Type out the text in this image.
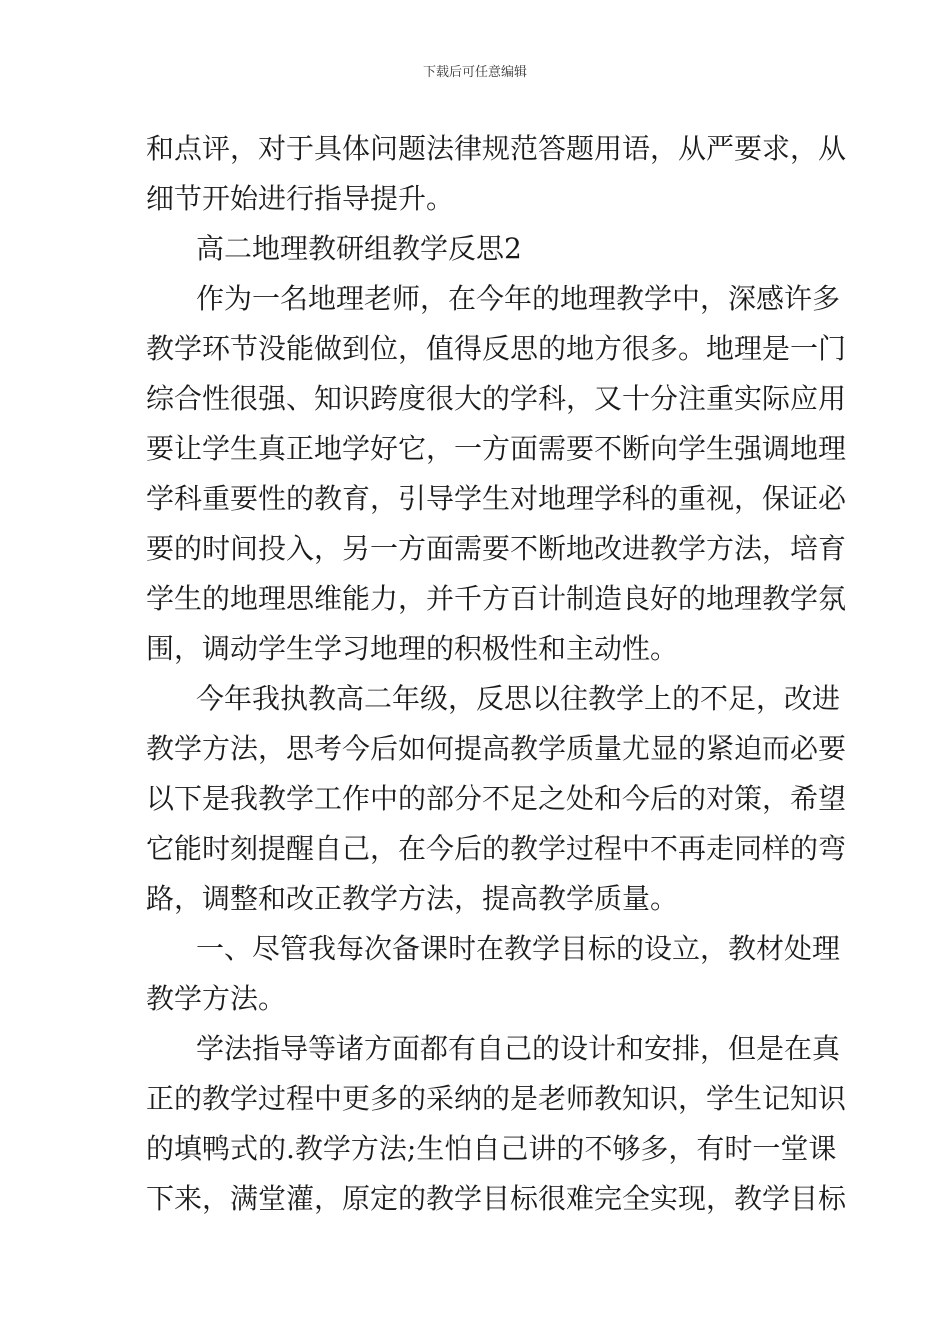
下载后可任意编辑
和点评，对于具体问题法律规范答题用语，从严要求，从
细节开始进行指导提升。
高二地理教研组教学反思2
作为一名地理老师，在今年的地理教学中，深感许多
教学环节没能做到位，值得反思的地方很多。地理是一门
综合性很强、知识跨度很大的学科，又十分注重实际应用
要让学生真正地学好它，一方面需要不断向学生强调地理
学科重要性的教育，引导学生对地理学科的重视，保证必
要的时间投入，另一方面需要不断地改进教学方法，培育
学生的地理思维能力，并千方百计制造良好的地理教学氛
围，调动学生学习地理的积极性和主动性。
今年我执教高二年级，反思以往教学上的不足，改进
教学方法，思考今后如何提高教学质量尤显的紧迫而必要
以下是我教学工作中的部分不足之处和今后的对策，希望
它能时刻提醒自己，在今后的教学过程中不再走同样的弯
路，调整和改正教学方法，提高教学质量。
一、尽管我每次备课时在教学目标的设立，教材处理
教学方法。
学法指导等诸方面都有自己的设计和安排，但是在真
正的教学过程中更多的采纳的是老师教知识，学生记知识
的填鸭式的.教学方法;生怕自己讲的不够多，有时一堂课
下来，满堂灌，原定的教学目标很难完全实现，教学目标
